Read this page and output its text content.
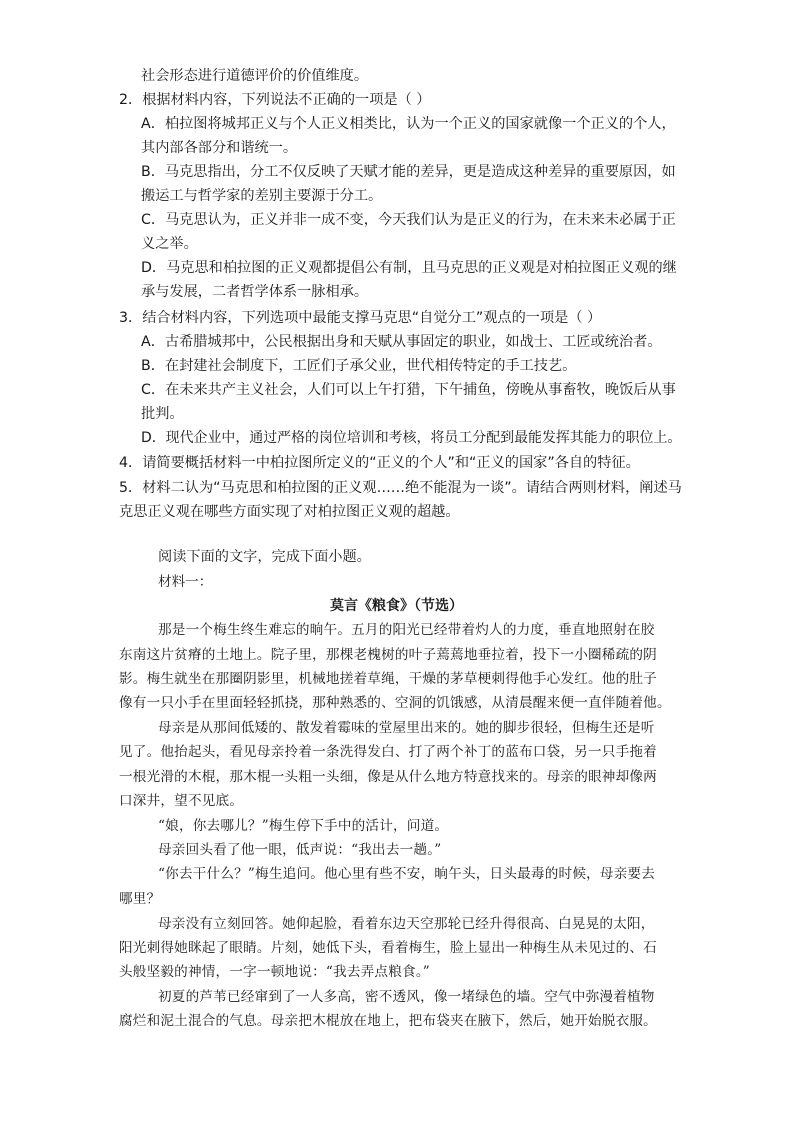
社会形态进行道德评价的价值维度。
2．根据材料内容，下列说法不正确的一项是（ ）
A．柏拉图将城邦正义与个人正义相类比，认为一个正义的国家就像一个正义的个人，
其内部各部分和谐统一。
B．马克思指出，分工不仅反映了天赋才能的差异，更是造成这种差异的重要原因，如
搬运工与哲学家的差别主要源于分工。
C．马克思认为，正义并非一成不变，今天我们认为是正义的行为，在未来未必属于正
义之举。
D．马克思和柏拉图的正义观都提倡公有制，且马克思的正义观是对柏拉图正义观的继
承与发展，二者哲学体系一脉相承。
3．结合材料内容，下列选项中最能支撑马克思“自觉分工”观点的一项是（ ）
A．古希腊城邦中，公民根据出身和天赋从事固定的职业，如战士、工匠或统治者。
B．在封建社会制度下，工匠们子承父业，世代相传特定的手工技艺。
C．在未来共产主义社会，人们可以上午打猎，下午捕鱼，傍晚从事畜牧，晚饭后从事
批判。
D．现代企业中，通过严格的岗位培训和考核，将员工分配到最能发挥其能力的职位上。
4．请简要概括材料一中柏拉图所定义的“正义的个人”和“正义的国家”各自的特征。
5．材料二认为“马克思和柏拉图的正义观……绝不能混为一谈”。请结合两则材料，阐述马
克思正义观在哪些方面实现了对柏拉图正义观的超越。
阅读下面的文字，完成下面小题。
材料一：
莫言《粮食》（节选）
那是一个梅生终生难忘的晌午。五月的阳光已经带着灼人的力度，垂直地照射在胶
东南这片贫瘠的土地上。院子里，那棵老槐树的叶子蔫蔫地垂拉着，投下一小圈稀疏的阴
影。梅生就坐在那圈阴影里，机械地搓着草绳，干燥的茅草梗刺得他手心发红。他的肚子
像有一只小手在里面轻轻抓挠，那种熟悉的、空洞的饥饿感，从清晨醒来便一直伴随着他。
母亲是从那间低矮的、散发着霉味的堂屋里出来的。她的脚步很轻，但梅生还是听
见了。他抬起头，看见母亲拎着一条洗得发白、打了两个补丁的蓝布口袋，另一只手拖着
一根光滑的木棍，那木棍一头粗一头细，像是从什么地方特意找来的。母亲的眼神却像两
口深井，望不见底。
“娘，你去哪儿？”梅生停下手中的活计，问道。
母亲回头看了他一眼，低声说：“我出去一趟。”
“你去干什么？”梅生追问。他心里有些不安，晌午头，日头最毒的时候，母亲要去
哪里？
母亲没有立刻回答。她仰起脸，看着东边天空那轮已经升得很高、白晃晃的太阳，
阳光刺得她眯起了眼睛。片刻，她低下头，看着梅生，脸上显出一种梅生从未见过的、石
头般坚毅的神情，一字一顿地说：“我去弄点粮食。”
初夏的芦苇已经窜到了一人多高，密不透风，像一堵绿色的墙。空气中弥漫着植物
腐烂和泥土混合的气息。母亲把木棍放在地上，把布袋夹在腋下，然后，她开始脱衣服。
